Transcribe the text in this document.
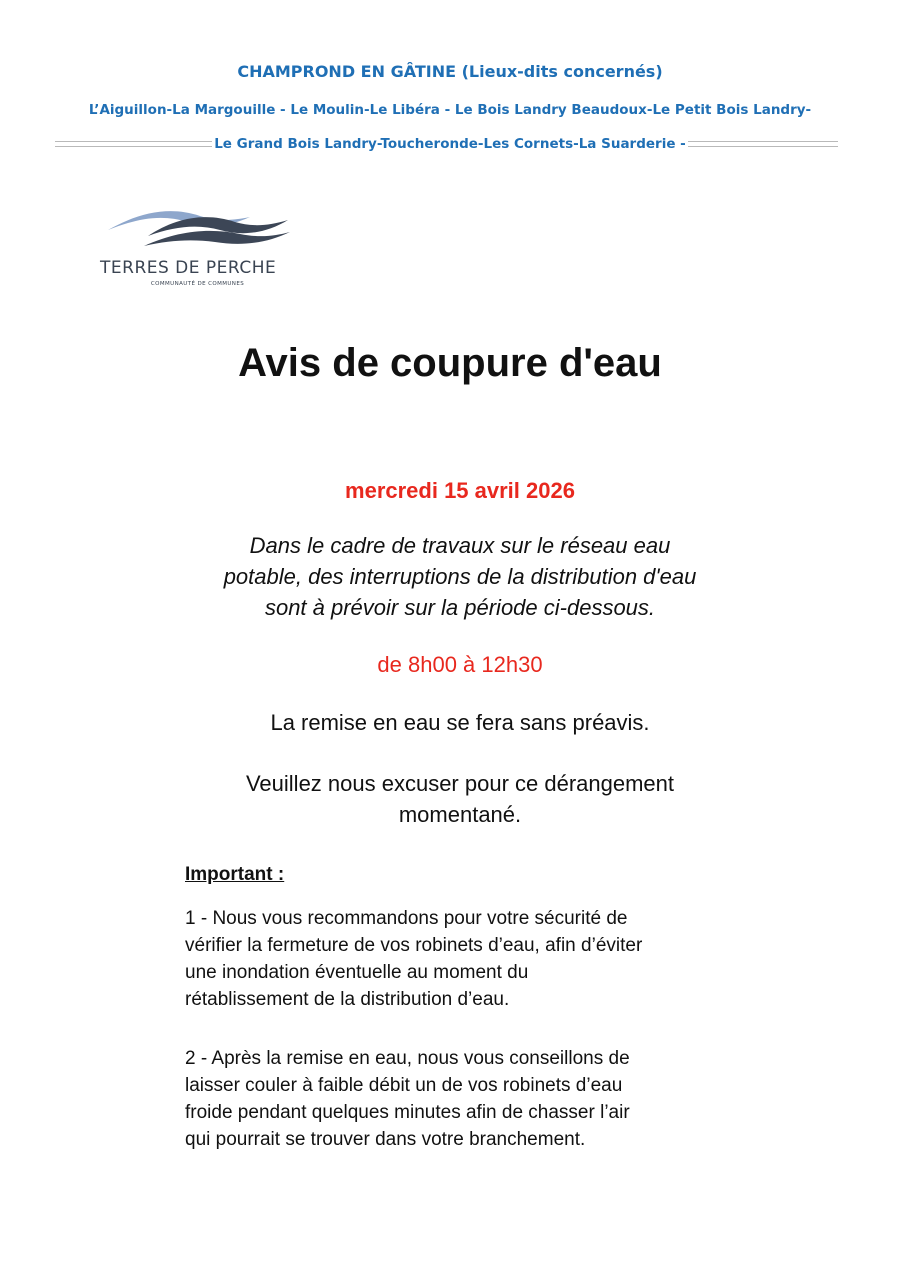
CHAMPROND EN GÂTINE (Lieux-dits concernés)
L’Aiguillon-La Margouille - Le Moulin-Le Libéra - Le Bois Landry Beaudoux-Le Petit Bois Landry-
Le Grand Bois Landry-Toucheronde-Les Cornets-La Suarderie -
TERRES DE PERCHE
COMMUNAUTÉ DE COMMUNES
Avis de coupure d'eau
mercredi 15 avril 2026
Dans le cadre de travaux sur le réseau eau
potable, des interruptions de la distribution d'eau
sont à prévoir sur la période ci-dessous.
de 8h00 à 12h30
La remise en eau se fera sans préavis.
Veuillez nous excuser pour ce dérangement
momentané.
Important :
1 - Nous vous recommandons pour votre sécurité de
vérifier la fermeture de vos robinets d’eau, afin d’éviter
une inondation éventuelle au moment du
rétablissement de la distribution d’eau.
2 - Après la remise en eau, nous vous conseillons de
laisser couler à faible débit un de vos robinets d’eau
froide pendant quelques minutes afin de chasser l’air
qui pourrait se trouver dans votre branchement.
